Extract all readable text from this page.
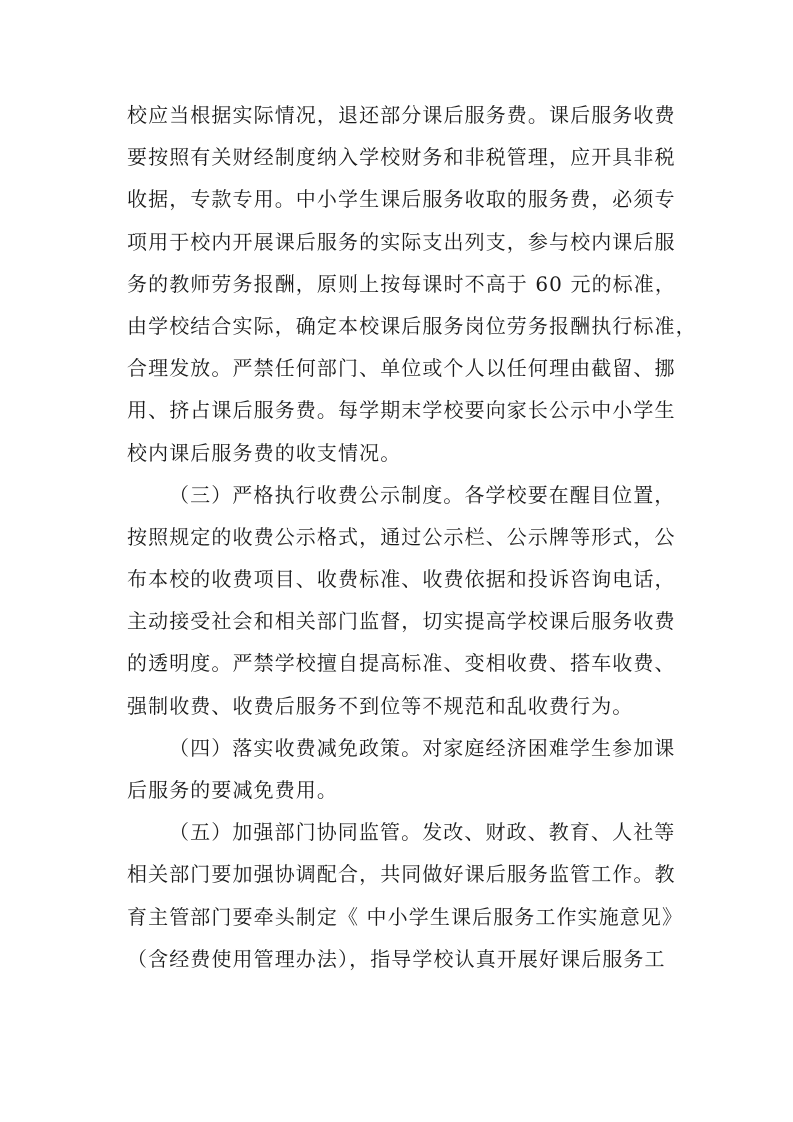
校应当根据实际情况，退还部分课后服务费。课后服务收费
要按照有关财经制度纳入学校财务和非税管理，应开具非税
收据，专款专用。中小学生课后服务收取的服务费，必须专
项用于校内开展课后服务的实际支出列支，参与校内课后服
务的教师劳务报酬，原则上按每课时不高于 60 元的标准，
由学校结合实际，确定本校课后服务岗位劳务报酬执行标准，
合理发放。严禁任何部门、单位或个人以任何理由截留、挪
用、挤占课后服务费。每学期末学校要向家长公示中小学生
校内课后服务费的收支情况。
（三）严格执行收费公示制度。各学校要在醒目位置，
按照规定的收费公示格式，通过公示栏、公示牌等形式，公
布本校的收费项目、收费标准、收费依据和投诉咨询电话，
主动接受社会和相关部门监督，切实提高学校课后服务收费
的透明度。严禁学校擅自提高标准、变相收费、搭车收费、
强制收费、收费后服务不到位等不规范和乱收费行为。
（四）落实收费减免政策。对家庭经济困难学生参加课
后服务的要减免费用。
（五）加强部门协同监管。发改、财政、教育、人社等
相关部门要加强协调配合，共同做好课后服务监管工作。教
育主管部门要牵头制定《 中小学生课后服务工作实施意见》
（含经费使用管理办法），指导学校认真开展好课后服务工
